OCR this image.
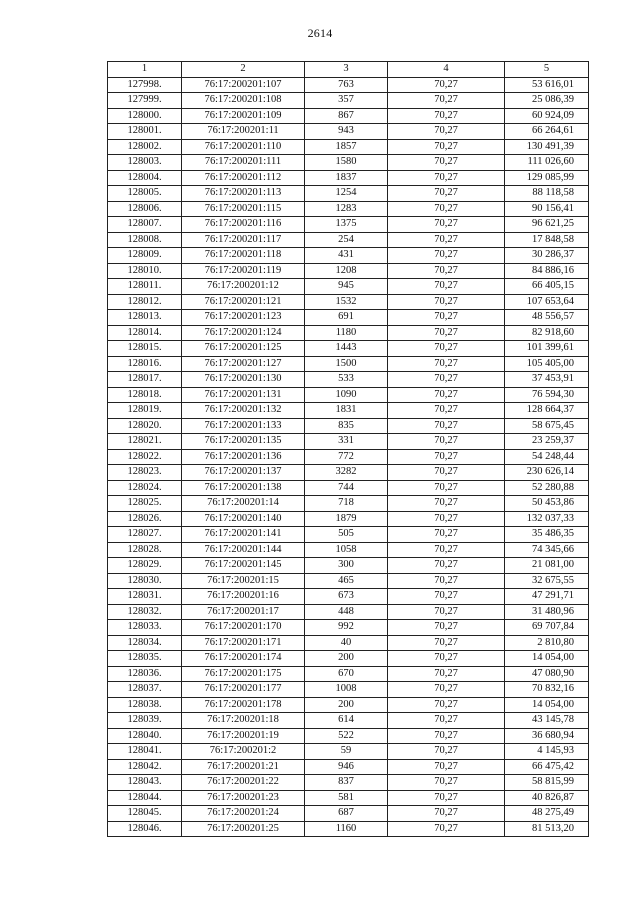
2614
1	2	3	4	5
127998.	76:17:200201:107	763	70,27	53 616,01
127999.	76:17:200201:108	357	70,27	25 086,39
128000.	76:17:200201:109	867	70,27	60 924,09
128001.	76:17:200201:11	943	70,27	66 264,61
128002.	76:17:200201:110	1857	70,27	130 491,39
128003.	76:17:200201:111	1580	70,27	111 026,60
128004.	76:17:200201:112	1837	70,27	129 085,99
128005.	76:17:200201:113	1254	70,27	88 118,58
128006.	76:17:200201:115	1283	70,27	90 156,41
128007.	76:17:200201:116	1375	70,27	96 621,25
128008.	76:17:200201:117	254	70,27	17 848,58
128009.	76:17:200201:118	431	70,27	30 286,37
128010.	76:17:200201:119	1208	70,27	84 886,16
128011.	76:17:200201:12	945	70,27	66 405,15
128012.	76:17:200201:121	1532	70,27	107 653,64
128013.	76:17:200201:123	691	70,27	48 556,57
128014.	76:17:200201:124	1180	70,27	82 918,60
128015.	76:17:200201:125	1443	70,27	101 399,61
128016.	76:17:200201:127	1500	70,27	105 405,00
128017.	76:17:200201:130	533	70,27	37 453,91
128018.	76:17:200201:131	1090	70,27	76 594,30
128019.	76:17:200201:132	1831	70,27	128 664,37
128020.	76:17:200201:133	835	70,27	58 675,45
128021.	76:17:200201:135	331	70,27	23 259,37
128022.	76:17:200201:136	772	70,27	54 248,44
128023.	76:17:200201:137	3282	70,27	230 626,14
128024.	76:17:200201:138	744	70,27	52 280,88
128025.	76:17:200201:14	718	70,27	50 453,86
128026.	76:17:200201:140	1879	70,27	132 037,33
128027.	76:17:200201:141	505	70,27	35 486,35
128028.	76:17:200201:144	1058	70,27	74 345,66
128029.	76:17:200201:145	300	70,27	21 081,00
128030.	76:17:200201:15	465	70,27	32 675,55
128031.	76:17:200201:16	673	70,27	47 291,71
128032.	76:17:200201:17	448	70,27	31 480,96
128033.	76:17:200201:170	992	70,27	69 707,84
128034.	76:17:200201:171	40	70,27	2 810,80
128035.	76:17:200201:174	200	70,27	14 054,00
128036.	76:17:200201:175	670	70,27	47 080,90
128037.	76:17:200201:177	1008	70,27	70 832,16
128038.	76:17:200201:178	200	70,27	14 054,00
128039.	76:17:200201:18	614	70,27	43 145,78
128040.	76:17:200201:19	522	70,27	36 680,94
128041.	76:17:200201:2	59	70,27	4 145,93
128042.	76:17:200201:21	946	70,27	66 475,42
128043.	76:17:200201:22	837	70,27	58 815,99
128044.	76:17:200201:23	581	70,27	40 826,87
128045.	76:17:200201:24	687	70,27	48 275,49
128046.	76:17:200201:25	1160	70,27	81 513,20
